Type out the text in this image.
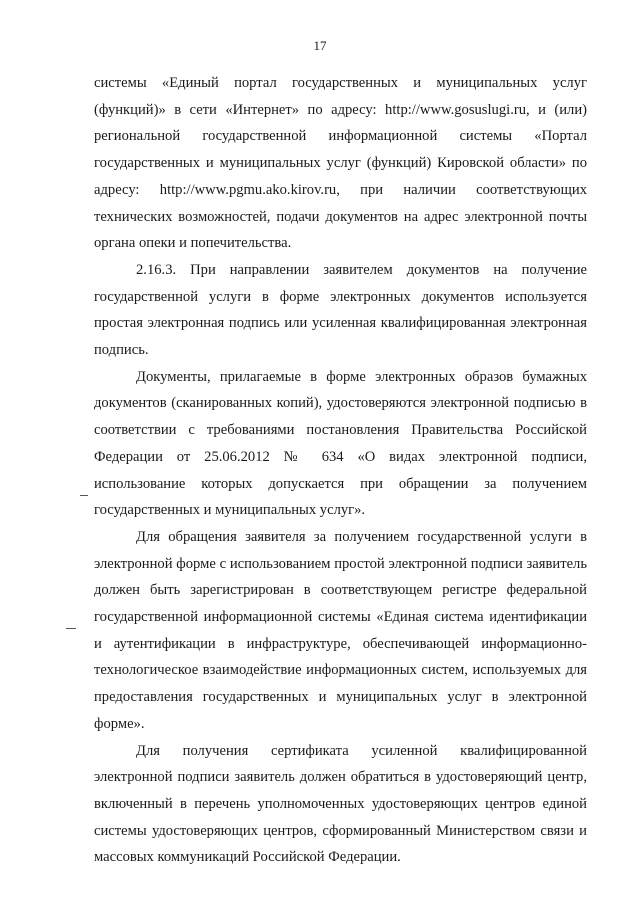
17

системы «Единый портал государственных и муниципальных услуг (функций)» в сети «Интернет» по адресу: http://www.gosuslugi.ru, и (или) региональной государственной информационной системы «Портал государственных и муниципальных услуг (функций) Кировской области» по адресу: http://www.pgmu.ako.kirov.ru, при наличии соответствующих технических возможностей, подачи документов на адрес электронной почты органа опеки и попечительства.

2.16.3. При направлении заявителем документов на получение государственной услуги в форме электронных документов используется простая электронная подпись или усиленная квалифицированная электронная подпись.

Документы, прилагаемые в форме электронных образов бумажных документов (сканированных копий), удостоверяются электронной подписью в соответствии с требованиями постановления Правительства Российской Федерации от 25.06.2012 № 634 «О видах электронной подписи, использование которых допускается при обращении за получением государственных и муниципальных услуг».

Для обращения заявителя за получением государственной услуги в электронной форме с использованием простой электронной подписи заявитель должен быть зарегистрирован в соответствующем регистре федеральной государственной информационной системы «Единая система идентификации и аутентификации в инфраструктуре, обеспечивающей информационно-технологическое взаимодействие информационных систем, используемых для предоставления государственных и муниципальных услуг в электронной форме».

Для получения сертификата усиленной квалифицированной электронной подписи заявитель должен обратиться в удостоверяющий центр, включенный в перечень уполномоченных удостоверяющих центров единой системы удостоверяющих центров, сформированный Министерством связи и массовых коммуникаций Российской Федерации.
